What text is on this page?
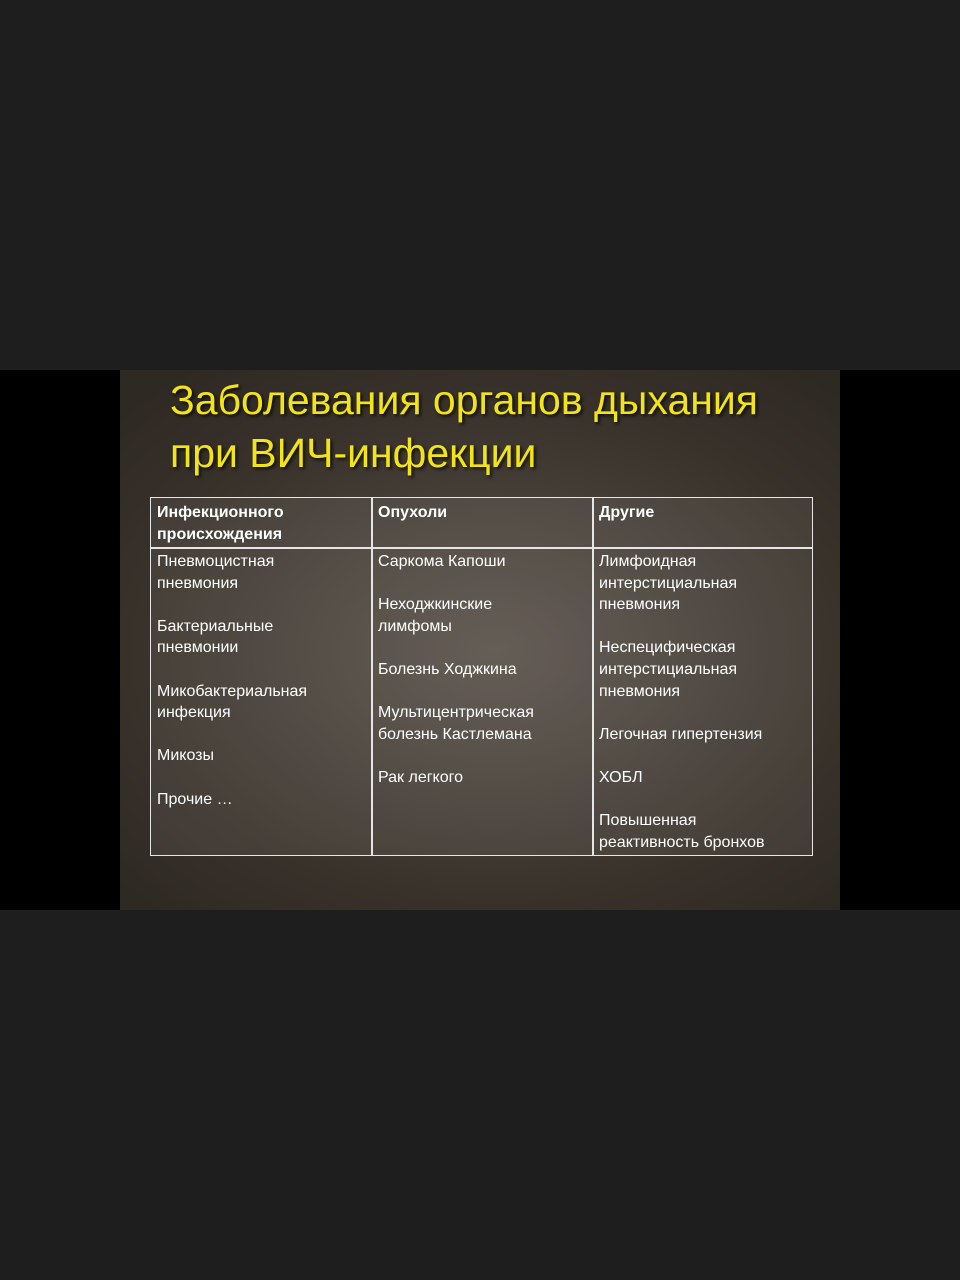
Заболевания органов дыхания
при ВИЧ-инфекции
Инфекционного
происхождения
Опухоли	Другие
Пневмоцистная
пневмония
Бактериальные
пневмонии
Микобактериальная
инфекция
Микозы
Прочие …
Саркома Капоши
Неходжкинские
лимфомы
Болезнь Ходжкина
Мультицентрическая
болезнь Кастлемана
Рак легкого
Лимфоидная
интерстициальная
пневмония
Неспецифическая
интерстициальная
пневмония
Легочная гипертензия
ХОБЛ
Повышенная
реактивность бронхов
